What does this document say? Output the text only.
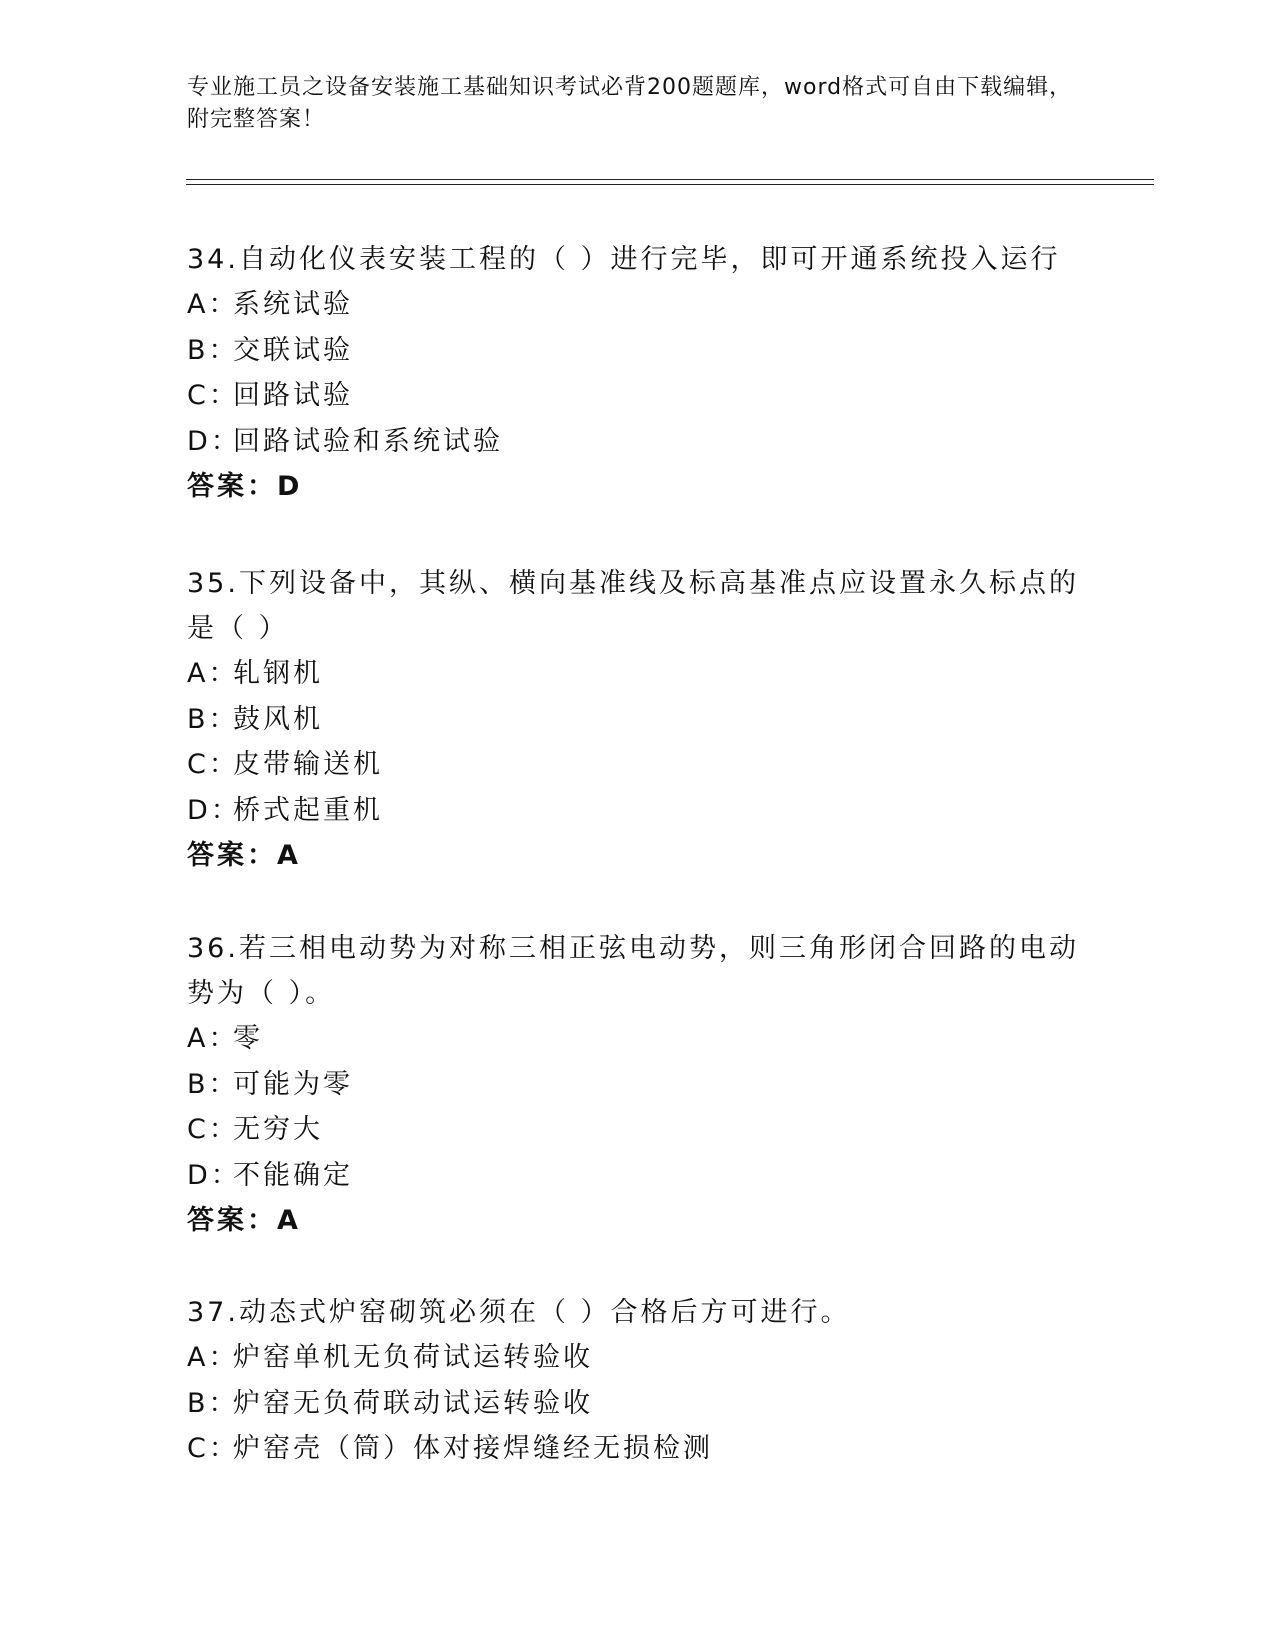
专业施工员之设备安装施工基础知识考试必背200题题库，word格式可自由下载编辑，附完整答案！

34.自动化仪表安装工程的（ ）进行完毕，即可开通系统投入运行

A：系统试验

B：交联试验

C：回路试验

D：回路试验和系统试验

答案：D

35.下列设备中，其纵、横向基准线及标高基准点应设置永久标点的是（ ）

A：轧钢机

B：鼓风机

C：皮带输送机

D：桥式起重机

答案：A

36.若三相电动势为对称三相正弦电动势，则三角形闭合回路的电动势为（ ）。

A：零

B：可能为零

C：无穷大

D：不能确定

答案：A

37.动态式炉窑砌筑必须在（ ）合格后方可进行。

A：炉窑单机无负荷试运转验收

B：炉窑无负荷联动试运转验收

C：炉窑壳（筒）体对接焊缝经无损检测
